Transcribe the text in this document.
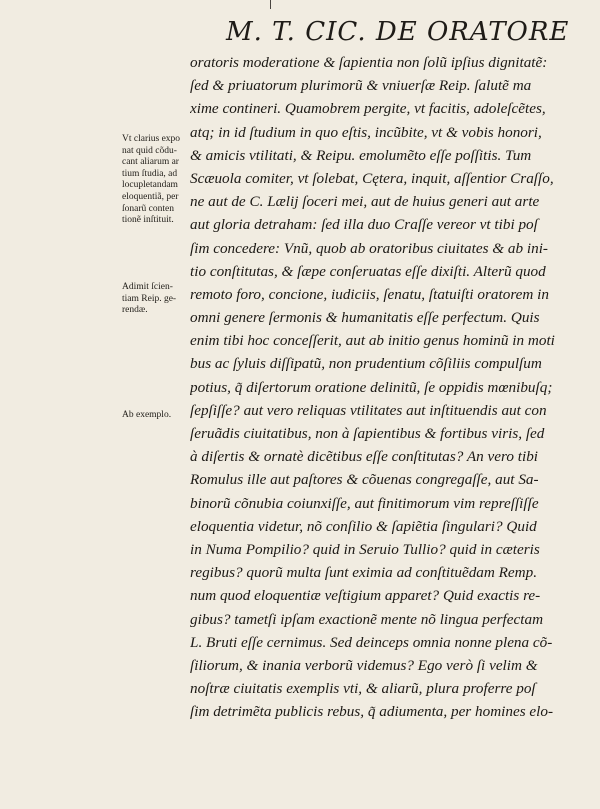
M. T. CIC. DE ORATORE
oratoris moderatione & ſapientia non ſolũ ipſius dignitatẽ:
ſed & priuatorum plurimorũ & vniuerſæ Reip. ſalutẽ ma
xime contineri. Quamobrem pergite, vt facitis, adoleſcẽtes,
atq; in id ſtudium in quo eſtis, incũbite, vt & vobis honori,
& amicis vtilitati, & Reipu. emolumẽto eſſe poſſitis. Tum
Scæuola comiter, vt ſolebat, Cętera, inquit, aſſentior Craſſo,
ne aut de C. Lælij ſoceri mei, aut de huius generi aut arte
aut gloria detraham: ſed illa duo Craſſe vereor vt tibi poſ
ſim concedere: Vnũ, quob ab oratoribus ciuitates & ab ini-
tio conſtitutas, & ſæpe conſeruatas eſſe dixiſti. Alterũ quod
remoto foro, concione, iudiciis, ſenatu, ſtatuiſti oratorem in
omni genere ſermonis & humanitatis eſſe perfectum. Quis
enim tibi hoc conceſſerit, aut ab initio genus hominũ in moti
bus ac ſyluis diſſipatũ, non prudentium cõſiliis compulſum
potius, q̃ diſertorum oratione delinitũ, ſe oppidis mœnibuſq;
ſepſiſſe? aut vero reliquas vtilitates aut inſtituendis aut con
ſeruãdis ciuitatibus, non à ſapientibus & fortibus viris, ſed
à diſertis & ornatè dicẽtibus eſſe conſtitutas? An vero tibi
Romulus ille aut paſtores & cõuenas congregaſſe, aut Sa-
binorũ cõnubia coiunxiſſe, aut finitimorum vim repreſſiſſe
eloquentia videtur, nõ conſilio & ſapiẽtia ſingulari? Quid
in Numa Pompilio? quid in Seruio Tullio? quid in cæteris
regibus? quorũ multa ſunt eximia ad conſtituẽdam Remp.
num quod eloquentiæ veſtigium apparet? Quid exactis re-
gibus? tametſi ipſam exactionẽ mente nõ lingua perfectam
L. Bruti eſſe cernimus. Sed deinceps omnia nonne plena cõ-
ſiliorum, & inania verborũ videmus? Ego verò ſi velim &
noſtræ ciuitatis exemplis vti, & aliarũ, plura proferre poſ
ſim detrimẽta publicis rebus, q̃ adiumenta, per homines elo-
Vt clarius expo
nat quid cõdu-
cant aliarum ar
tium ſtudia, ad
locupletandam
eloquentiã, per
ſonarũ conten
tionẽ inſtituit.
Adimit ſcien-
tiam Reip. ge-
rendæ.
Ab exemplo.
